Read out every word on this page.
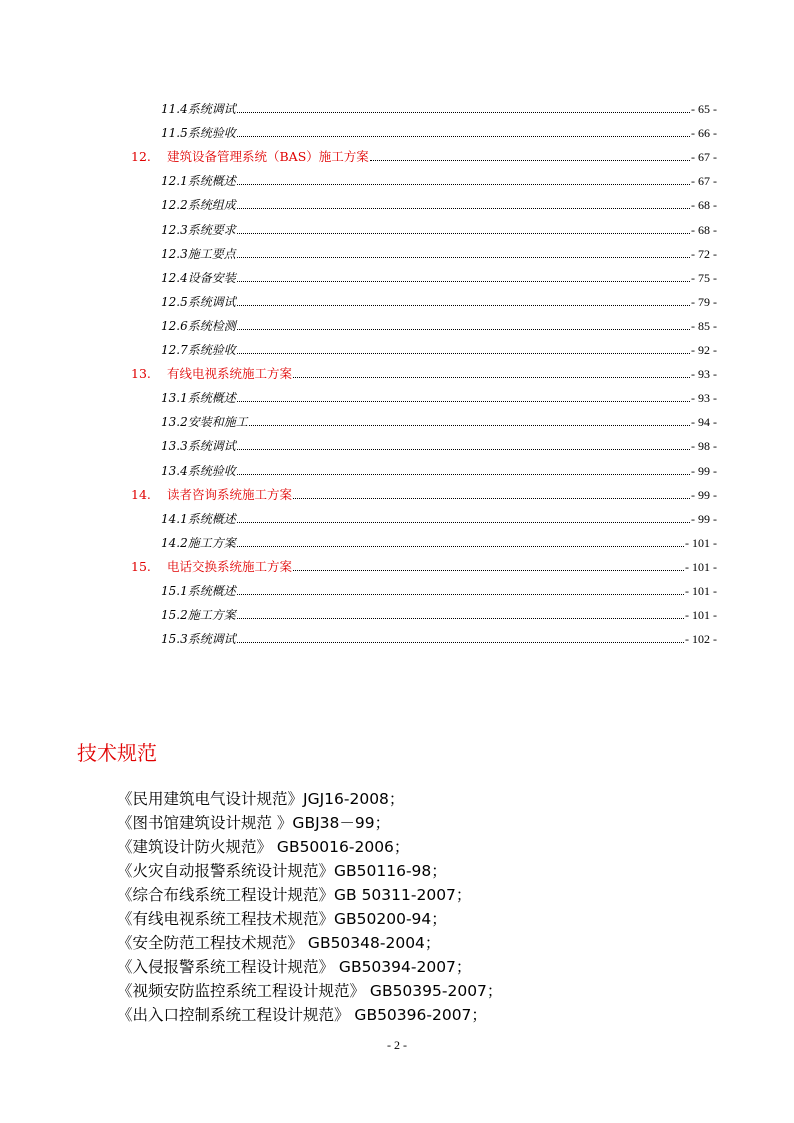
11.4系统调试	- 65 -
11.5系统验收	- 66 -
12.	建筑设备管理系统（BAS）施工方案	- 67 -
12.1系统概述	- 67 -
12.2系统组成	- 68 -
12.3系统要求	- 68 -
12.3施工要点	- 72 -
12.4设备安装	- 75 -
12.5系统调试	- 79 -
12.6系统检测	- 85 -
12.7系统验收	- 92 -
13.	有线电视系统施工方案	- 93 -
13.1系统概述	- 93 -
13.2安装和施工	- 94 -
13.3系统调试	- 98 -
13.4系统验收	- 99 -
14.	读者咨询系统施工方案	- 99 -
14.1系统概述	- 99 -
14.2施工方案	- 101 -
15.	电话交换系统施工方案	- 101 -
15.1系统概述	- 101 -
15.2施工方案	- 101 -
15.3系统调试	- 102 -
技术规范
《民用建筑电气设计规范》JGJ16-2008；
《图书馆建筑设计规范 》GBJ38－99；
《建筑设计防火规范》 GB50016-2006；
《火灾自动报警系统设计规范》GB50116-98；
《综合布线系统工程设计规范》GB 50311-2007；
《有线电视系统工程技术规范》GB50200-94；
《安全防范工程技术规范》 GB50348-2004；
《入侵报警系统工程设计规范》 GB50394-2007；
《视频安防监控系统工程设计规范》 GB50395-2007；
《出入口控制系统工程设计规范》 GB50396-2007；
- 2 -
